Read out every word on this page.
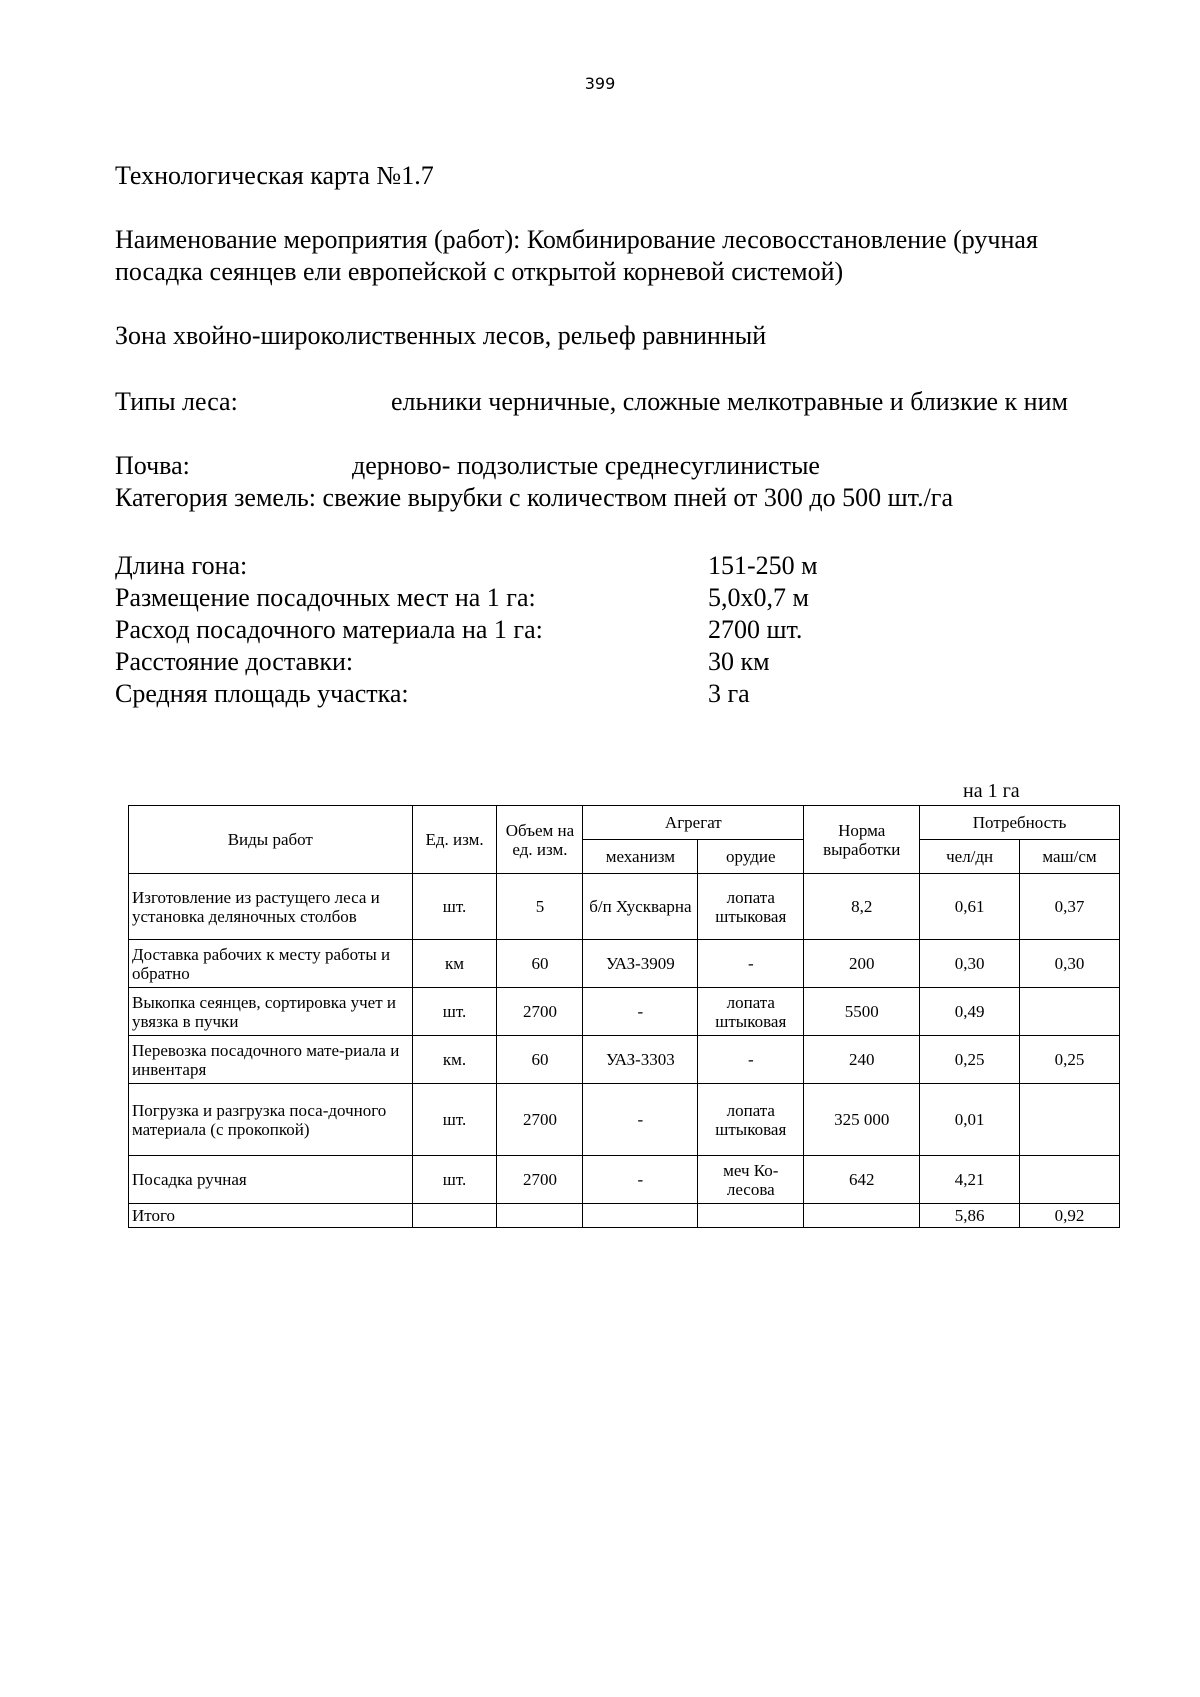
399
Технологическая карта №1.7
Наименование мероприятия (работ): Комбинирование лесовосстановление (ручная посадка сеянцев ели европейской с открытой корневой системой)
Зона хвойно-широколиственных лесов, рельеф равнинный
Типы леса:	ельники черничные, сложные мелкотравные и близкие к ним
Почва:	дерново- подзолистые среднесуглинистые
Категория земель: свежие вырубки с количеством пней от 300 до 500 шт./га
Длина гона:	151-250 м
Размещение посадочных мест на 1 га:	5,0х0,7 м
Расход посадочного материала на 1 га:	2700 шт.
Расстояние доставки:	30 км
Средняя площадь участка:	3 га
на 1 га
Виды работ	Ед. изм.	Объем на ед. изм.	Агрегат		Норма выработки	Потребность	
			механизм	орудие		чел/дн	маш/см
Изготовление из растущего леса и установка деляночных столбов	шт.	5	б/п Хускварна	лопата штыковая	8,2	0,61	0,37
Доставка рабочих к месту работы и обратно	км	60	УАЗ-3909	-	200	0,30	0,30
Выкопка сеянцев, сортировка учет и увязка в пучки	шт.	2700	-	лопата штыковая	5500	0,49	
Перевозка посадочного мате-риала и инвентаря	км.	60	УАЗ-3303	-	240	0,25	0,25
Погрузка и разгрузка поса-дочного материала (с прокопкой)	шт.	2700	-	лопата штыковая	325 000	0,01	
Посадка ручная	шт.	2700	-	меч Ко-лесова	642	4,21	
Итого						5,86	0,92
